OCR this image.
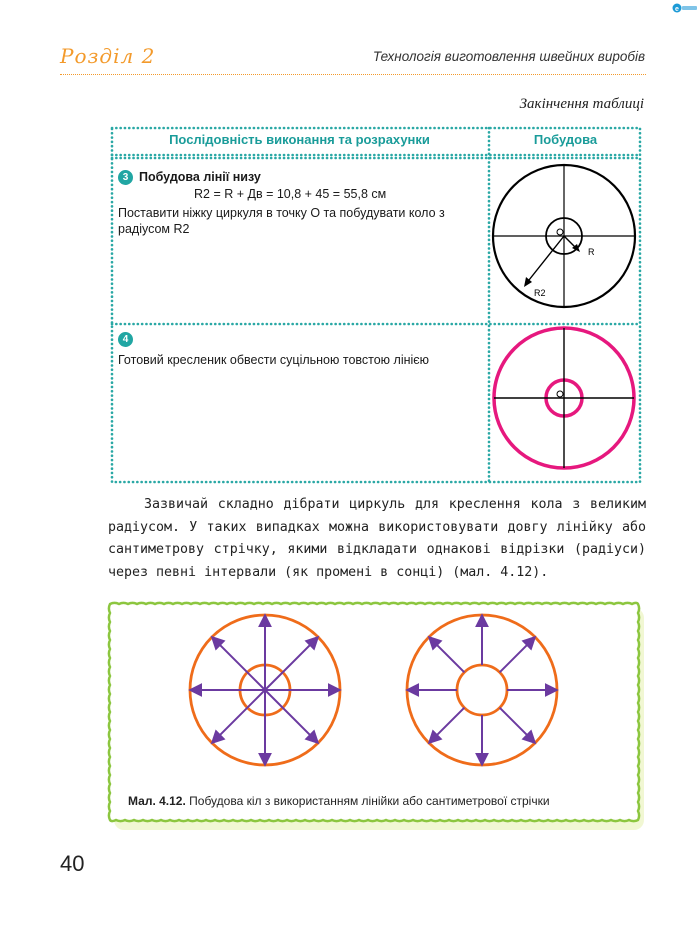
e
Розділ 2	Технологія виготовлення швейних виробів
Закінчення таблиці
R
R2
Послідовність виконання та розрахунки	Побудова
3 Побудова лінії низу
R2 = R + Дв = 10,8 + 45 = 55,8 см
Поставити ніжку циркуля в точку О та побудувати коло з радіусом R2
4
Готовий кресленик обвести суцільною товстою лінією

Зазвичай складно дібрати циркуль для креслення кола з великим радіусом. У таких випадках можна використовувати довгу лінійку або сантиметрову стрічку, якими відкладати однакові відрізки (радіуси) через певні інтервали (як промені в сонці) (мал. 4.12).

Мал. 4.12. Побудова кіл з використанням лінійки або сантиметрової стрічки
40
